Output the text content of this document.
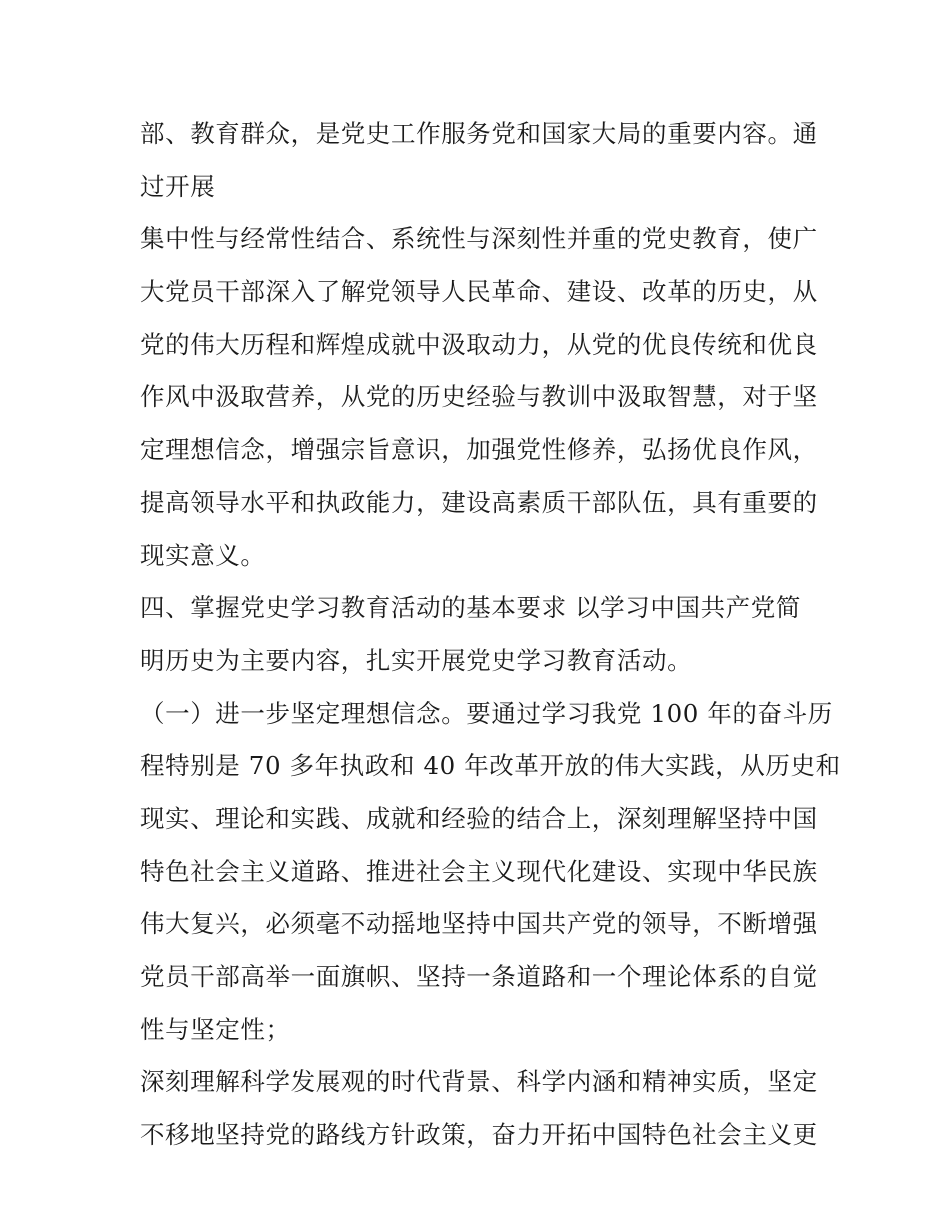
部、教育群众，是党史工作服务党和国家大局的重要内容。通
过开展
集中性与经常性结合、系统性与深刻性并重的党史教育，使广
大党员干部深入了解党领导人民革命、建设、改革的历史，从
党的伟大历程和辉煌成就中汲取动力，从党的优良传统和优良
作风中汲取营养，从党的历史经验与教训中汲取智慧，对于坚
定理想信念，增强宗旨意识，加强党性修养，弘扬优良作风，
提高领导水平和执政能力，建设高素质干部队伍，具有重要的
现实意义。
四、掌握党史学习教育活动的基本要求 以学习中国共产党简
明历史为主要内容，扎实开展党史学习教育活动。
（一）进一步坚定理想信念。要通过学习我党 100 年的奋斗历
程特别是 70 多年执政和 40 年改革开放的伟大实践，从历史和
现实、理论和实践、成就和经验的结合上，深刻理解坚持中国
特色社会主义道路、推进社会主义现代化建设、实现中华民族
伟大复兴，必须毫不动摇地坚持中国共产党的领导，不断增强
党员干部高举一面旗帜、坚持一条道路和一个理论体系的自觉
性与坚定性；
深刻理解科学发展观的时代背景、科学内涵和精神实质，坚定
不移地坚持党的路线方针政策，奋力开拓中国特色社会主义更
